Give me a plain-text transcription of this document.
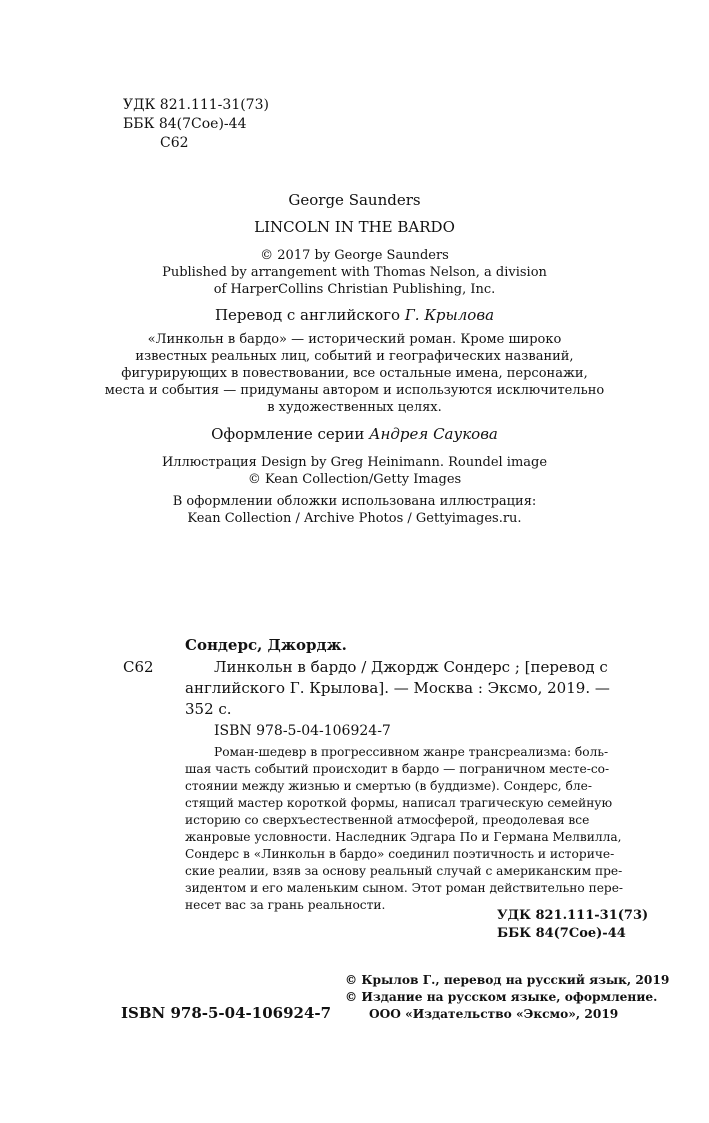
УДК 821.111-31(73)
ББК 84(7Сое)-44
С62
George Saunders
LINCOLN IN THE BARDO
© 2017 by George Saunders
Published by arrangement with Thomas Nelson, a division
of HarperCollins Christian Publishing, Inc.
Перевод с английского Г. Крылова
«Линкольн в бардо» — исторический роман. Кроме широко
известных реальных лиц, событий и географических названий,
фигурирующих в повествовании, все остальные имена, персонажи,
места и события — придуманы автором и используются исключительно
в художественных целях.
Оформление серии Андрея Саукова
Иллюстрация Design by Greg Heinimann. Roundel image
© Kean Collection/Getty Images
В оформлении обложки использована иллюстрация:
Kean Collection / Archive Photos / Gettyimages.ru.
Сондерс, Джордж.
С62	Линкольн в бардо / Джордж Сондерс ; [перевод с
английского Г. Крылова]. — Москва : Эксмо, 2019. —
352 с.
ISBN 978-5-04-106924-7
Роман-шедевр в прогрессивном жанре трансреализма: боль-
шая часть событий происходит в бардо — пограничном месте-со-
стоянии между жизнью и смертью (в буддизме). Сондерс, бле-
стящий мастер короткой формы, написал трагическую семейную
историю со сверхъестественной атмосферой, преодолевая все
жанровые условности. Наследник Эдгара По и Германа Мелвилла,
Сондерс в «Линкольн в бардо» соединил поэтичность и историче-
ские реалии, взяв за основу реальный случай с американским пре-
зидентом и его маленьким сыном. Этот роман действительно пере-
несет вас за грань реальности.
УДК 821.111-31(73)
ББК 84(7Сое)-44
ISBN 978-5-04-106924-7
© Крылов Г., перевод на русский язык, 2019
© Издание на русском языке, оформление.
ООО «Издательство «Эксмо», 2019
